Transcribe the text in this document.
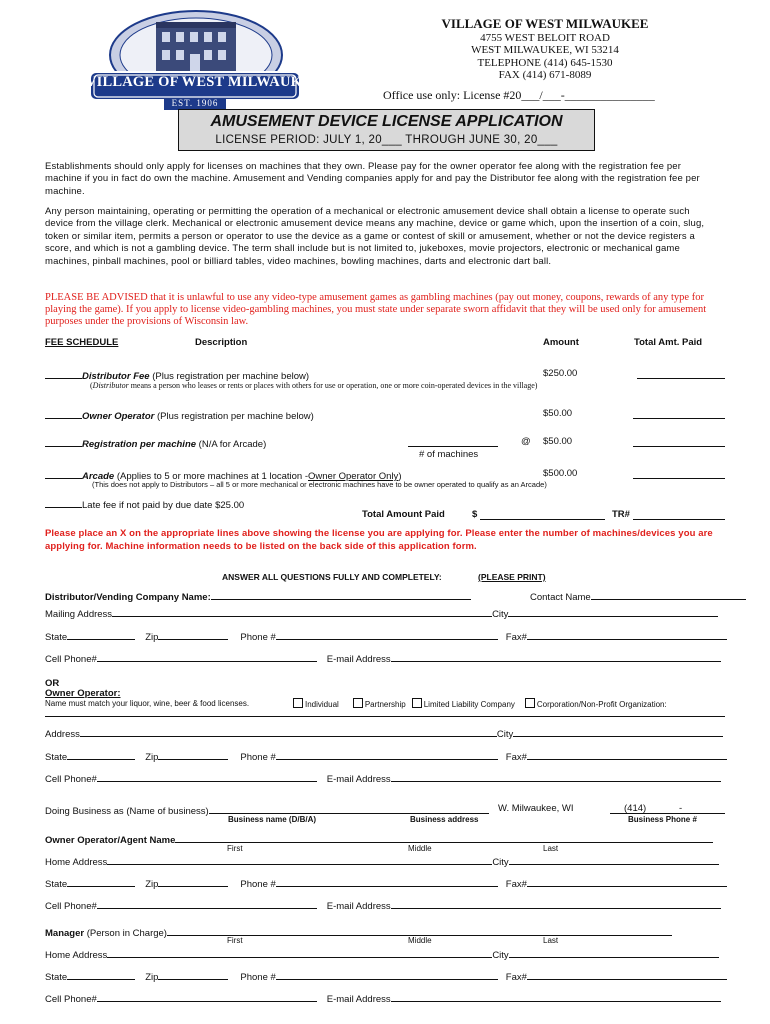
VILLAGE OF WEST MILWAUKEE
EST. 1906
VILLAGE OF WEST MILWAUKEE
4755 WEST BELOIT ROAD
WEST MILWAUKEE, WI 53214
TELEPHONE (414) 645-1530
FAX (414) 671-8089
Office use only: License #20___/___-_______________
AMUSEMENT DEVICE LICENSE APPLICATION
LICENSE PERIOD: JULY 1, 20___ THROUGH JUNE 30, 20___
Establishments should only apply for licenses on machines that they own. Please pay for the owner operator fee along with the registration fee per machine if you in fact do own the machine. Amusement and Vending companies apply for and pay the Distributor fee along with the registration fee per machine.
Any person maintaining, operating or permitting the operation of a mechanical or electronic amusement device shall obtain a license to operate such device from the village clerk. Mechanical or electronic amusement device means any machine, device or game which, upon the insertion of a coin, slug, token or similar item, permits a person or operator to use the device as a game or contest of skill or amusement, whether or not the device registers a score, and which is not a gambling device. The term shall include but is not limited to, jukeboxes, movie projectors, electronic or mechanical game machines, pinball machines, pool or billiard tables, video machines, bowling machines, darts and electronic dart ball.
PLEASE BE ADVISED that it is unlawful to use any video-type amusement games as gambling machines (pay out money, coupons, rewards of any type for playing the game). If you apply to license video-gambling machines, you must state under separate sworn affidavit that they will be used only for amusement purposes under the provisions of Wisconsin law.
FEE SCHEDULE	Description	Amount	Total Amt. Paid
Distributor Fee (Plus registration per machine below)	$250.00
(Distributor means a person who leases or rents or places with others for use or operation, one or more coin-operated devices in the village)
Owner Operator (Plus registration per machine below)	$50.00
Registration per machine (N/A for Arcade)	@ $50.00
# of machines
Arcade (Applies to 5 or more machines at 1 location -Owner Operator Only)	$500.00
(This does not apply to Distributors – all 5 or more mechanical or electronic machines have to be owner operated to qualify as an Arcade)
Late fee if not paid by due date $25.00
Total Amount Paid	$	TR#
Please place an X on the appropriate lines above showing the license you are applying for. Please enter the number of machines/devices you are applying for. Machine information needs to be listed on the back side of this application form.
ANSWER ALL QUESTIONS FULLY AND COMPLETELY:	(PLEASE PRINT)
Distributor/Vending Company Name:	Contact Name
Mailing Address	City
State	Zip	Phone #	Fax#
Cell Phone#	E-mail Address
OR
Owner Operator:
Name must match your liquor, wine, beer & food licenses.	Individual	Partnership Limited Liability Company	Corporation/Non-Profit Organization:
Address	City
State	Zip	Phone #	Fax#
Cell Phone#	E-mail Address
Doing Business as (Name of business)	W. Milwaukee, WI	(414)	-
Business name (D/B/A)	Business address	Business Phone #
Owner Operator/Agent Name
First	Middle	Last
Home Address	City
State	Zip	Phone #	Fax#
Cell Phone#	E-mail Address
Manager (Person in Charge)
First	Middle	Last
Home Address	City
State	Zip	Phone #	Fax#
Cell Phone#	E-mail Address
